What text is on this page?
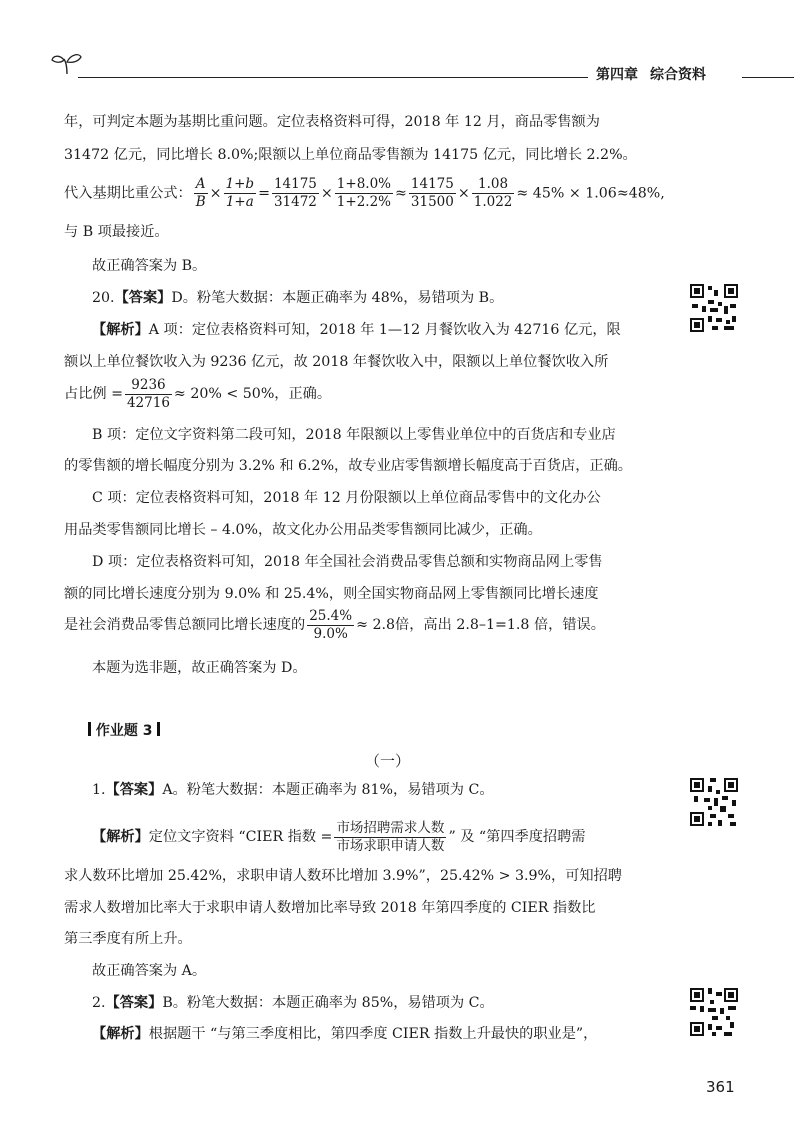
第四章 综合资料
年，可判定本题为基期比重问题。定位表格资料可得，2018 年 12 月，商品零售额为
31472 亿元，同比增长 8.0%;限额以上单位商品零售额为 14175 亿元，同比增长 2.2%。
代入基期比重公式： $\frac{A}{B} \times \frac{1+b}{1+a} = \frac{14175}{31472} \times \frac{1+8.0\%}{1+2.2\%} \approx \frac{14175}{31500} \times \frac{1.08}{1.022} \approx 45\% \times 1.06\approx 48\%$,
与 B 项最接近。
故正确答案为 B。
20.【答案】D。粉笔大数据：本题正确率为 48%，易错项为 B。
【解析】A 项：定位表格资料可知，2018 年 1—12 月餐饮收入为 42716 亿元，限
额以上单位餐饮收入为 9236 亿元，故 2018 年餐饮收入中，限额以上单位餐饮收入所
占比例 = $\frac{9236}{42716} \approx 20\% < 50\%$，正确。
B 项：定位文字资料第二段可知，2018 年限额以上零售业单位中的百货店和专业店
的零售额的增长幅度分别为 3.2% 和 6.2%，故专业店零售额增长幅度高于百货店，正确。
C 项：定位表格资料可知，2018 年 12 月份限额以上单位商品零售中的文化办公
用品类零售额同比增长 – 4.0%，故文化办公用品类零售额同比减少，正确。
D 项：定位表格资料可知，2018 年全国社会消费品零售总额和实物商品网上零售
额的同比增长速度分别为 9.0% 和 25.4%，则全国实物商品网上零售额同比增长速度
是社会消费品零售总额同比增长速度的 $\frac{25.4\%}{9.0\%} \approx 2.8$倍，高出 2.8–1=1.8 倍，错误。
本题为选非题，故正确答案为 D。
作业题 3
（一）
1.【答案】A。粉笔大数据：本题正确率为 81%，易错项为 C。
【解析】定位文字资料 “CIER 指数 = $\frac{\text{市场招聘需求人数}}{\text{市场求职申请人数}}$ ” 及 “第四季度招聘需
求人数环比增加 25.42%，求职申请人数环比增加 3.9%”，25.42% > 3.9%，可知招聘
需求人数增加比率大于求职申请人数增加比率导致 2018 年第四季度的 CIER 指数比
第三季度有所上升。
故正确答案为 A。
2.【答案】B。粉笔大数据：本题正确率为 85%，易错项为 C。
【解析】根据题干 “与第三季度相比，第四季度 CIER 指数上升最快的职业是”，
361
